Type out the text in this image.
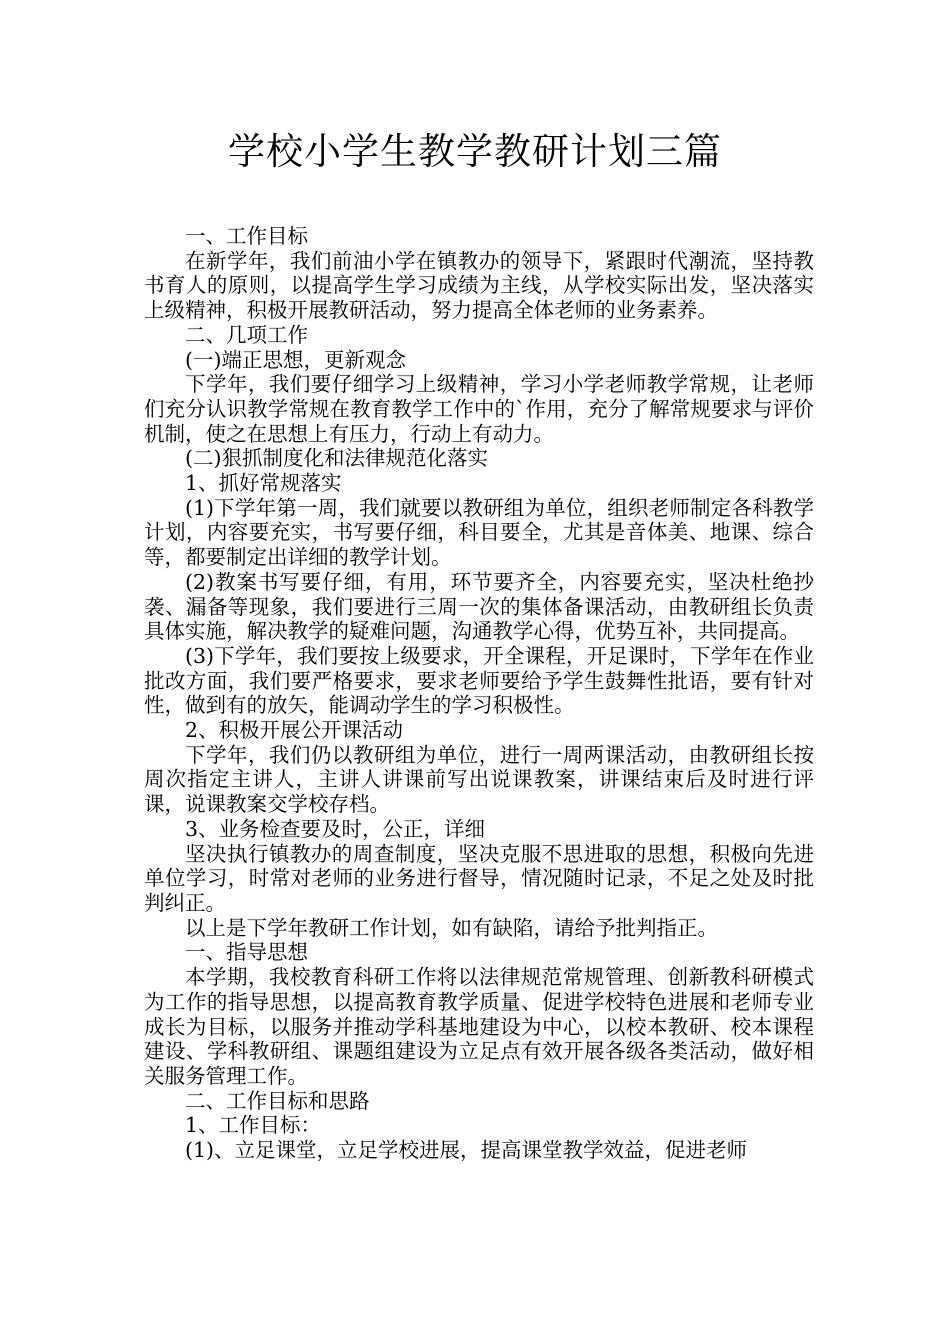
学校小学生教学教研计划三篇

一、工作目标

在新学年，我们前油小学在镇教办的领导下，紧跟时代潮流，坚持教书育人的原则，以提高学生学习成绩为主线，从学校实际出发，坚决落实上级精神，积极开展教研活动，努力提高全体老师的业务素养。

二、几项工作

(一)端正思想，更新观念

下学年，我们要仔细学习上级精神，学习小学老师教学常规，让老师们充分认识教学常规在教育教学工作中的`作用，充分了解常规要求与评价机制，使之在思想上有压力，行动上有动力。

(二)狠抓制度化和法律规范化落实

1、抓好常规落实

(1)下学年第一周，我们就要以教研组为单位，组织老师制定各科教学计划，内容要充实，书写要仔细，科目要全，尤其是音体美、地课、综合等，都要制定出详细的教学计划。

(2)教案书写要仔细，有用，环节要齐全，内容要充实，坚决杜绝抄袭、漏备等现象，我们要进行三周一次的集体备课活动，由教研组长负责具体实施，解决教学的疑难问题，沟通教学心得，优势互补，共同提高。

(3)下学年，我们要按上级要求，开全课程，开足课时，下学年在作业批改方面，我们要严格要求，要求老师要给予学生鼓舞性批语，要有针对性，做到有的放矢，能调动学生的学习积极性。

2、积极开展公开课活动

下学年，我们仍以教研组为单位，进行一周两课活动，由教研组长按周次指定主讲人，主讲人讲课前写出说课教案，讲课结束后及时进行评课，说课教案交学校存档。

3、业务检查要及时，公正，详细

坚决执行镇教办的周查制度，坚决克服不思进取的思想，积极向先进单位学习，时常对老师的业务进行督导，情况随时记录，不足之处及时批判纠正。

以上是下学年教研工作计划，如有缺陷，请给予批判指正。

一、指导思想

本学期，我校教育科研工作将以法律规范常规管理、创新教科研模式为工作的指导思想，以提高教育教学质量、促进学校特色进展和老师专业成长为目标，以服务并推动学科基地建设为中心，以校本教研、校本课程建设、学科教研组、课题组建设为立足点有效开展各级各类活动，做好相关服务管理工作。

二、工作目标和思路

1、工作目标：

(1)、立足课堂，立足学校进展，提高课堂教学效益，促进老师
